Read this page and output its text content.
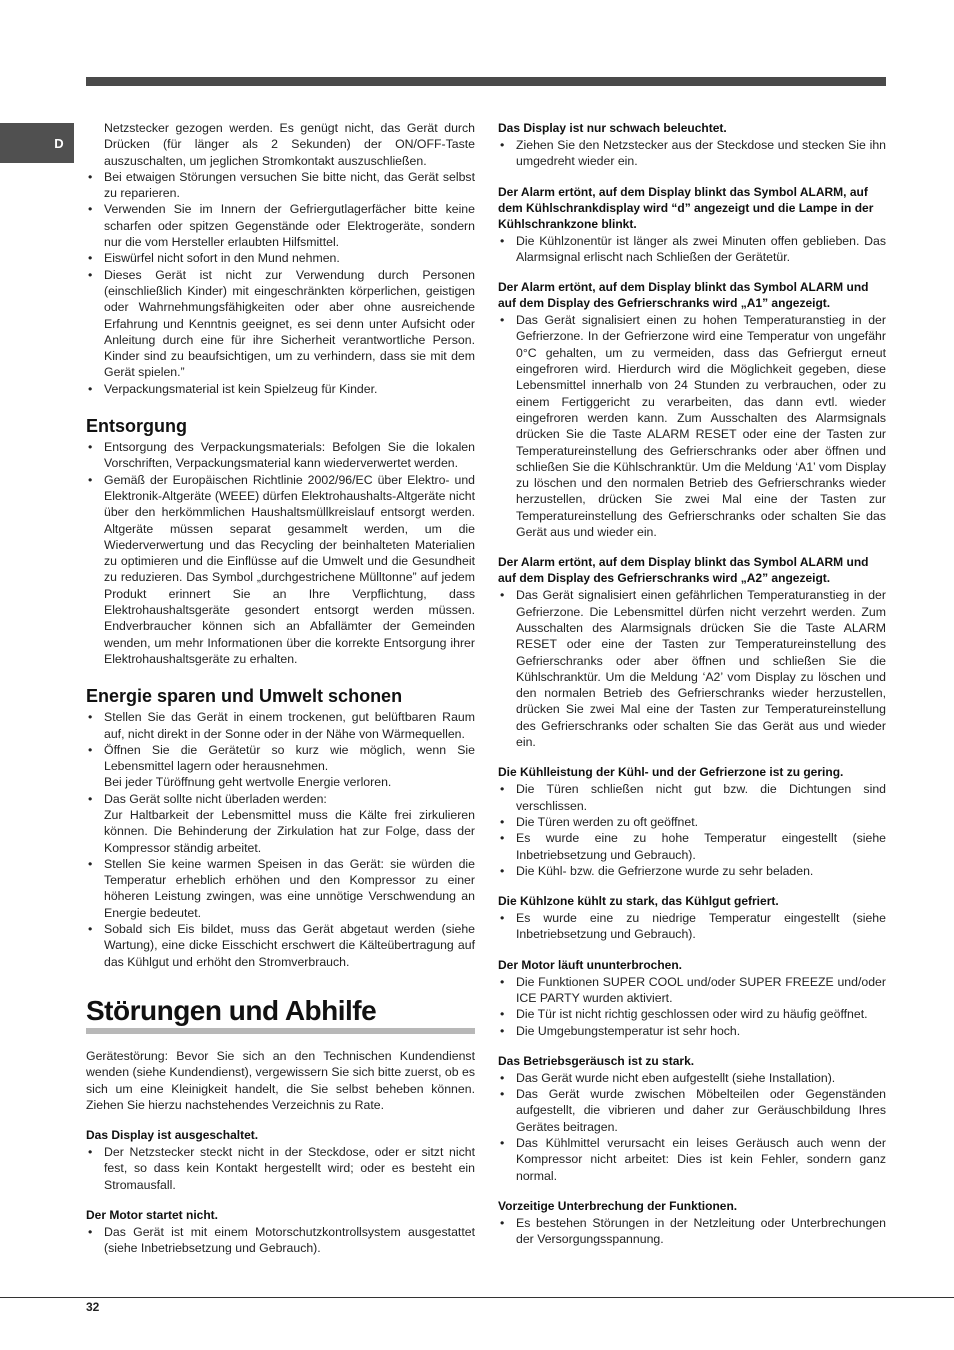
D

Netzstecker gezogen werden. Es genügt nicht, das Gerät durch Drücken (für länger als 2 Sekunden) der ON/OFF-Taste auszuschalten, um jeglichen Stromkontakt auszuschließen.

• Bei etwaigen Störungen versuchen Sie bitte nicht, das Gerät selbst zu reparieren.
• Verwenden Sie im Innern der Gefriergutlagerfächer bitte keine scharfen oder spitzen Gegenstände oder Elektrogeräte, sondern nur die vom Hersteller erlaubten Hilfsmittel.
• Eiswürfel nicht sofort in den Mund nehmen.
• Dieses Gerät ist nicht zur Verwendung durch Personen (einschließlich Kinder) mit eingeschränkten körperlichen, geistigen oder Wahrnehmungsfähigkeiten oder aber ohne ausreichende Erfahrung und Kenntnis geeignet, es sei denn unter Aufsicht oder Anleitung durch eine für ihre Sicherheit verantwortliche Person. Kinder sind zu beaufsichtigen, um zu verhindern, dass sie mit dem Gerät spielen.”
• Verpackungsmaterial ist kein Spielzeug für Kinder.
Entsorgung
• Entsorgung des Verpackungsmaterials: Befolgen Sie die lokalen Vorschriften, Verpackungsmaterial kann wiederverwertet werden.
• Gemäß der Europäischen Richtlinie 2002/96/EC über Elektro- und Elektronik-Altgeräte (WEEE) dürfen Elektrohaushalts-Altgeräte nicht über den herkömmlichen Haushaltsmüllkreislauf entsorgt werden. Altgeräte müssen separat gesammelt werden, um die Wiederverwertung und das Recycling der beinhalteten Materialien zu optimieren und die Einflüsse auf die Umwelt und die Gesundheit zu reduzieren. Das Symbol „durchgestrichene Mülltonne” auf jedem Produkt erinnert Sie an Ihre Verpflichtung, dass Elektrohaushaltsgeräte gesondert entsorgt werden müssen. Endverbraucher können sich an Abfallämter der Gemeinden wenden, um mehr Informationen über die korrekte Entsorgung ihrer Elektrohaushaltsgeräte zu erhalten.
Energie sparen und Umwelt schonen
• Stellen Sie das Gerät in einem trockenen, gut belüftbaren Raum auf, nicht direkt in der Sonne oder in der Nähe von Wärmequellen.
• Öffnen Sie die Gerätetür so kurz wie möglich, wenn Sie Lebensmittel lagern oder herausnehmen.
Bei jeder Türöffnung geht wertvolle Energie verloren.
• Das Gerät sollte nicht überladen werden:
Zur Haltbarkeit der Lebensmittel muss die Kälte frei zirkulieren können. Die Behinderung der Zirkulation hat zur Folge, dass der Kompressor ständig arbeitet.
• Stellen Sie keine warmen Speisen in das Gerät: sie würden die Temperatur erheblich erhöhen und den Kompressor zu einer höheren Leistung zwingen, was eine unnötige Verschwendung an Energie bedeutet.
• Sobald sich Eis bildet, muss das Gerät abgetaut werden (siehe Wartung), eine dicke Eisschicht erschwert die Kälteübertragung auf das Kühlgut und erhöht den Stromverbrauch.
Störungen und Abhilfe

Gerätestörung: Bevor Sie sich an den Technischen Kundendienst wenden (siehe Kundendienst), vergewissern Sie sich bitte zuerst, ob es sich um eine Kleinigkeit handelt, die Sie selbst beheben können. Ziehen Sie hierzu nachstehendes Verzeichnis zu Rate.

Das Display ist ausgeschaltet.
• Der Netzstecker steckt nicht in der Steckdose, oder er sitzt nicht fest, so dass kein Kontakt hergestellt wird; oder es besteht ein Stromausfall.
Der Motor startet nicht.
• Das Gerät ist mit einem Motorschutzkontrollsystem ausgestattet (siehe Inbetriebsetzung und Gebrauch).
Das Display ist nur schwach beleuchtet.
• Ziehen Sie den Netzstecker aus der Steckdose und stecken Sie ihn umgedreht wieder ein.
Der Alarm ertönt, auf dem Display blinkt das Symbol ALARM, auf dem Kühlschrankdisplay wird “d” angezeigt und die Lampe in der Kühlschrankzone blinkt.
• Die Kühlzonentür ist länger als zwei Minuten offen geblieben. Das Alarmsignal erlischt nach Schließen der Gerätetür.
Der Alarm ertönt, auf dem Display blinkt das Symbol ALARM und auf dem Display des Gefrierschranks wird „A1” angezeigt.
• Das Gerät signalisiert einen zu hohen Temperaturanstieg in der Gefrierzone. In der Gefrierzone wird eine Temperatur von ungefähr 0°C gehalten, um zu vermeiden, dass das Gefriergut erneut eingefroren wird. Hierdurch wird die Möglichkeit gegeben, diese Lebensmittel innerhalb von 24 Stunden zu verbrauchen, oder zu einem Fertiggericht zu verarbeiten, das dann evtl. wieder eingefroren werden kann. Zum Ausschalten des Alarmsignals drücken Sie die Taste ALARM RESET oder eine der Tasten zur Temperatureinstellung des Gefrierschranks oder aber öffnen und schließen Sie die Kühlschranktür. Um die Meldung ‘A1’ vom Display zu löschen und den normalen Betrieb des Gefrierschranks wieder herzustellen, drücken Sie zwei Mal eine der Tasten zur Temperatureinstellung des Gefrierschranks oder schalten Sie das Gerät aus und wieder ein.
Der Alarm ertönt, auf dem Display blinkt das Symbol ALARM und auf dem Display des Gefrierschranks wird „A2” angezeigt.
• Das Gerät signalisiert einen gefährlichen Temperaturanstieg in der Gefrierzone. Die Lebensmittel dürfen nicht verzehrt werden. Zum Ausschalten des Alarmsignals drücken Sie die Taste ALARM RESET oder eine der Tasten zur Temperatureinstellung des Gefrierschranks oder aber öffnen und schließen Sie die Kühlschranktür. Um die Meldung ‘A2’ vom Display zu löschen und den normalen Betrieb des Gefrierschranks wieder herzustellen, drücken Sie zwei Mal eine der Tasten zur Temperatureinstellung des Gefrierschranks oder schalten Sie das Gerät aus und wieder ein.
Die Kühlleistung der Kühl- und der Gefrierzone ist zu gering.
• Die Türen schließen nicht gut bzw. die Dichtungen sind verschlissen.
• Die Türen werden zu oft geöffnet.
• Es wurde eine zu hohe Temperatur eingestellt (siehe Inbetriebsetzung und Gebrauch).
• Die Kühl- bzw. die Gefrierzone wurde zu sehr beladen.
Die Kühlzone kühlt zu stark, das Kühlgut gefriert.
• Es wurde eine zu niedrige Temperatur eingestellt (siehe Inbetriebsetzung und Gebrauch).
Der Motor läuft ununterbrochen.
• Die Funktionen SUPER COOL und/oder SUPER FREEZE und/oder ICE PARTY wurden aktiviert.
• Die Tür ist nicht richtig geschlossen oder wird zu häufig geöffnet.
• Die Umgebungstemperatur ist sehr hoch.
Das Betriebsgeräusch ist zu stark.
• Das Gerät wurde nicht eben aufgestellt (siehe Installation).
• Das Gerät wurde zwischen Möbelteilen oder Gegenständen aufgestellt, die vibrieren und daher zur Geräuschbildung Ihres Gerätes beitragen.
• Das Kühlmittel verursacht ein leises Geräusch auch wenn der Kompressor nicht arbeitet: Dies ist kein Fehler, sondern ganz normal.
Vorzeitige Unterbrechung der Funktionen.
• Es bestehen Störungen in der Netzleitung oder Unterbrechungen der Versorgungsspannung.
32
